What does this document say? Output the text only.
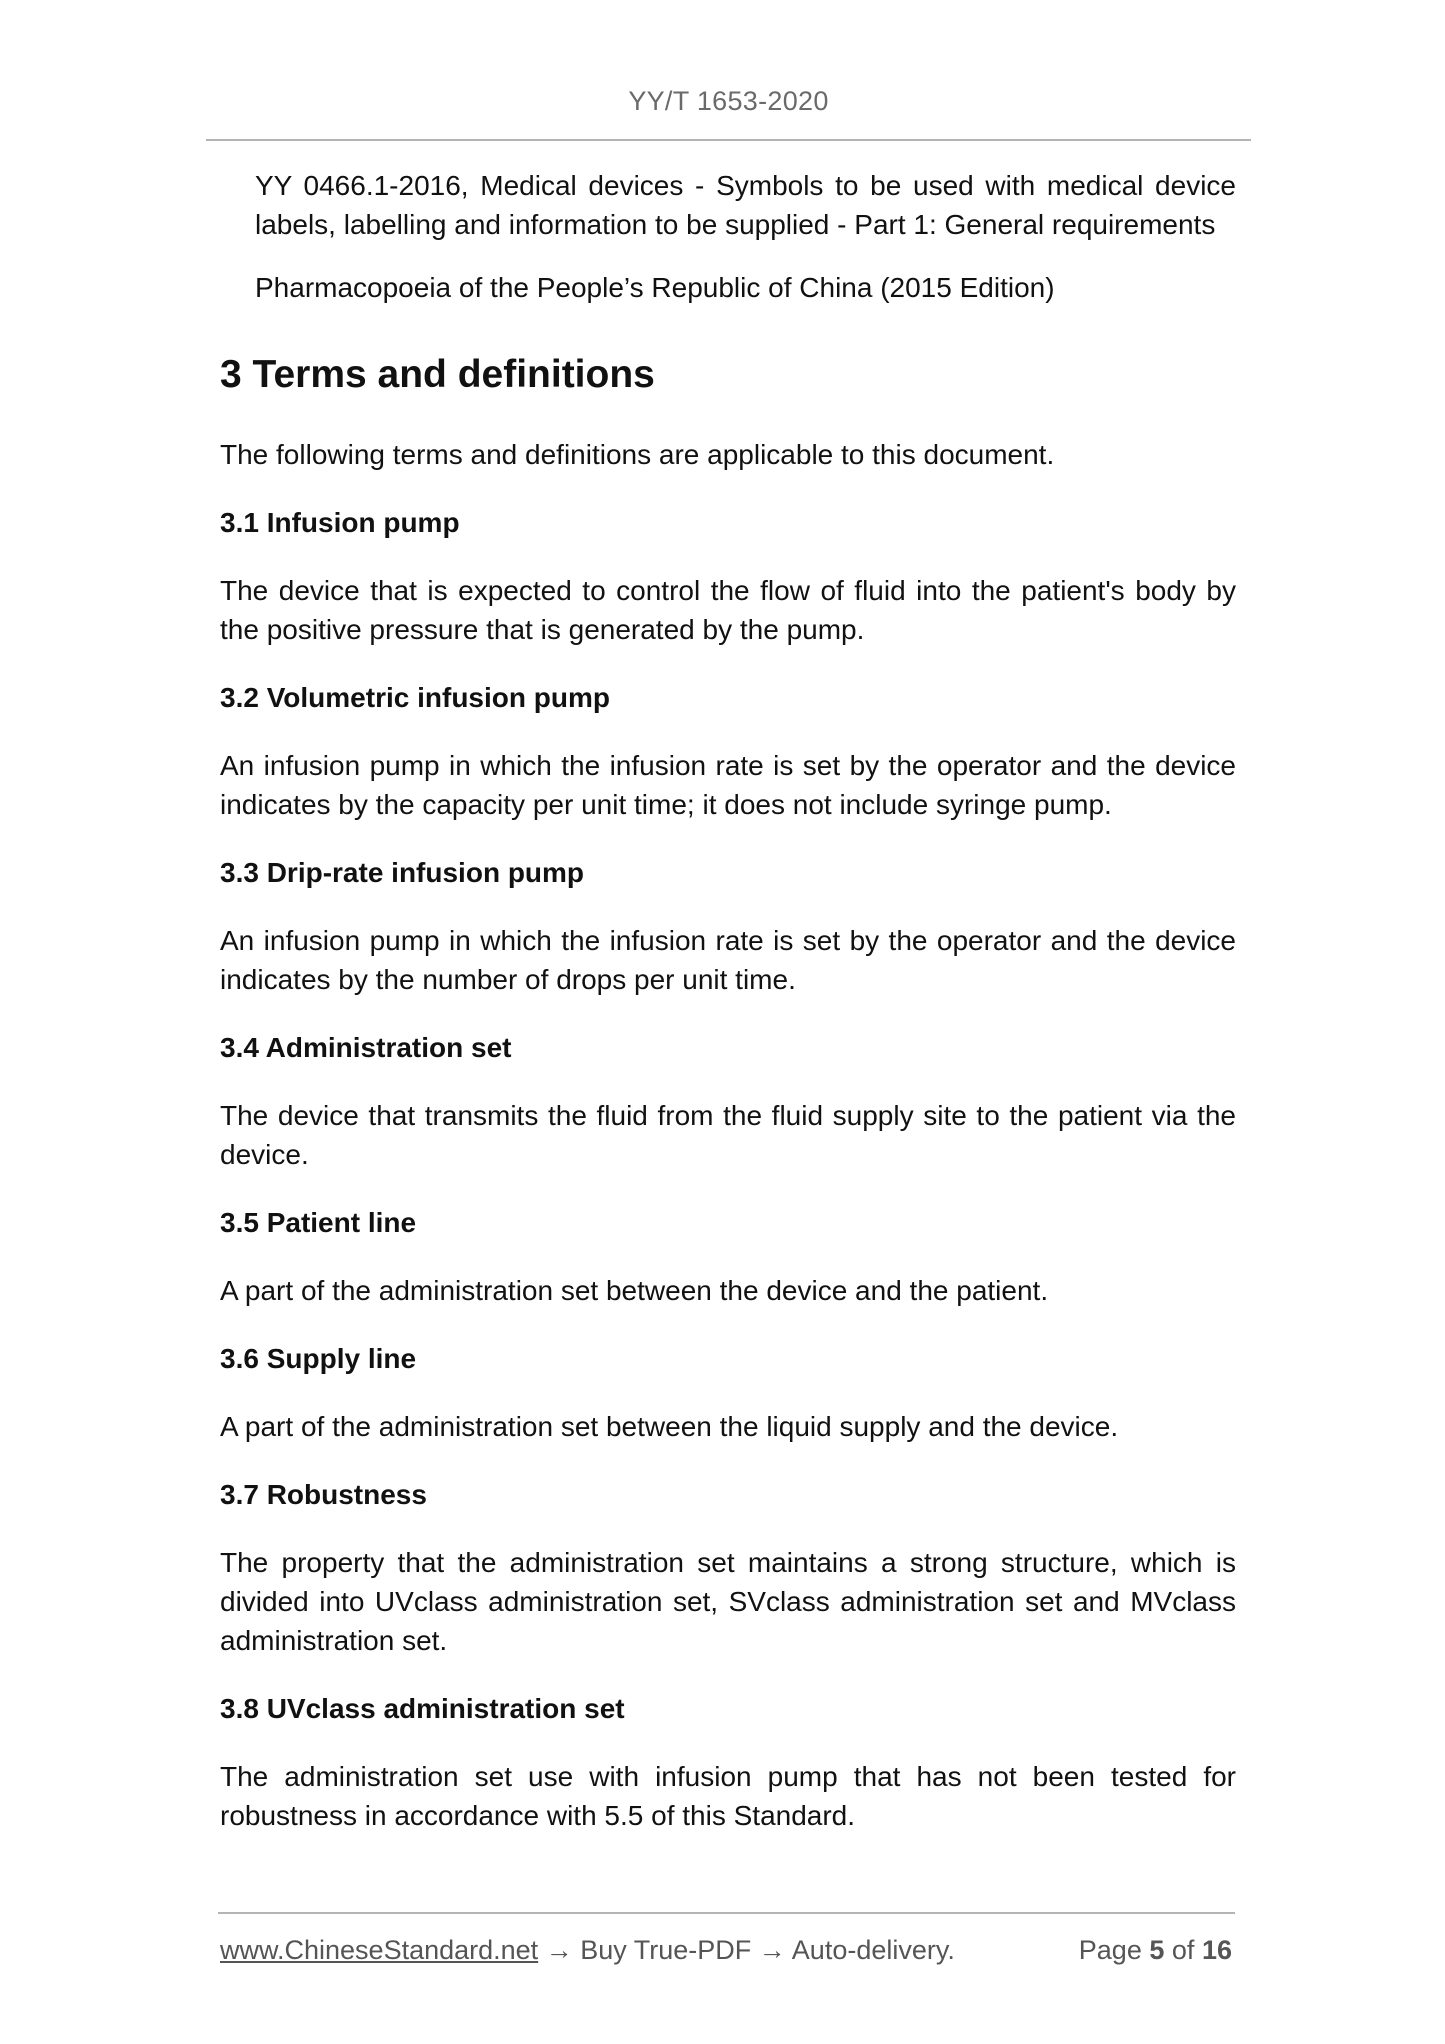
YY/T 1653-2020

YY 0466.1-2016, Medical devices - Symbols to be used with medical device labels, labelling and information to be supplied - Part 1: General requirements

Pharmacopoeia of the People’s Republic of China (2015 Edition)

3 Terms and definitions

The following terms and definitions are applicable to this document.

3.1 Infusion pump

The device that is expected to control the flow of fluid into the patient's body by the positive pressure that is generated by the pump.

3.2 Volumetric infusion pump

An infusion pump in which the infusion rate is set by the operator and the device indicates by the capacity per unit time; it does not include syringe pump.

3.3 Drip-rate infusion pump

An infusion pump in which the infusion rate is set by the operator and the device indicates by the number of drops per unit time.

3.4 Administration set

The device that transmits the fluid from the fluid supply site to the patient via the device.

3.5 Patient line

A part of the administration set between the device and the patient.

3.6 Supply line

A part of the administration set between the liquid supply and the device.

3.7 Robustness

The property that the administration set maintains a strong structure, which is divided into UVclass administration set, SVclass administration set and MVclass administration set.

3.8 UVclass administration set

The administration set use with infusion pump that has not been tested for robustness in accordance with 5.5 of this Standard.

www.ChineseStandard.net → Buy True-PDF → Auto-delivery.	Page 5 of 16
